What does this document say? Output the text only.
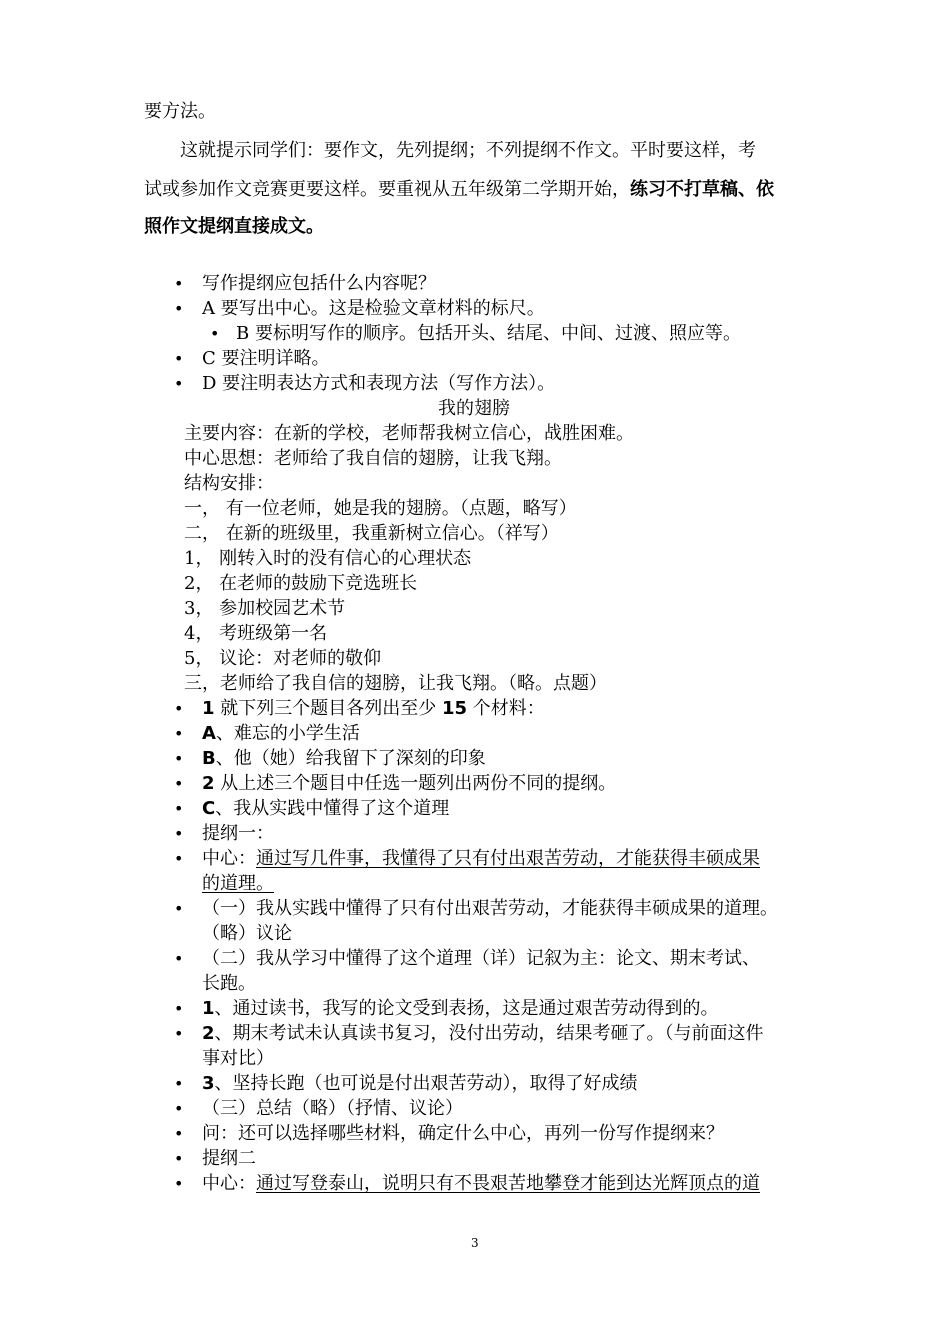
要方法。
这就提示同学们：要作文，先列提纲；不列提纲不作文。平时要这样，考
试或参加作文竞赛更要这样。要重视从五年级第二学期开始，练习不打草稿、依
照作文提纲直接成文。
• 写作提纲应包括什么内容呢？
• A 要写出中心。这是检验文章材料的标尺。
• B 要标明写作的顺序。包括开头、结尾、中间、过渡、照应等。
• C 要注明详略。
• D 要注明表达方式和表现方法（写作方法）。
我的翅膀
主要内容：在新的学校，老师帮我树立信心，战胜困难。
中心思想：老师给了我自信的翅膀，让我飞翔。
结构安排：
一， 有一位老师，她是我的翅膀。（点题，略写）
二， 在新的班级里，我重新树立信心。（祥写）
1， 刚转入时的没有信心的心理状态
2， 在老师的鼓励下竞选班长
3， 参加校园艺术节
4， 考班级第一名
5， 议论：对老师的敬仰
三，老师给了我自信的翅膀，让我飞翔。（略。点题）
• 1 就下列三个题目各列出至少 15 个材料：
• A、难忘的小学生活
• B、他（她）给我留下了深刻的印象
• 2 从上述三个题目中任选一题列出两份不同的提纲。
• C、我从实践中懂得了这个道理
• 提纲一：
• 中心：通过写几件事，我懂得了只有付出艰苦劳动，才能获得丰硕成果
的道理。
• （一）我从实践中懂得了只有付出艰苦劳动，才能获得丰硕成果的道理。
（略）议论
• （二）我从学习中懂得了这个道理（详）记叙为主：论文、期末考试、
长跑。
• 1、通过读书，我写的论文受到表扬，这是通过艰苦劳动得到的。
• 2、期末考试未认真读书复习，没付出劳动，结果考砸了。（与前面这件
事对比）
• 3、坚持长跑（也可说是付出艰苦劳动），取得了好成绩
• （三）总结（略）（抒情、议论）
• 问：还可以选择哪些材料，确定什么中心，再列一份写作提纲来？
• 提纲二
• 中心：通过写登泰山，说明只有不畏艰苦地攀登才能到达光辉顶点的道
3
